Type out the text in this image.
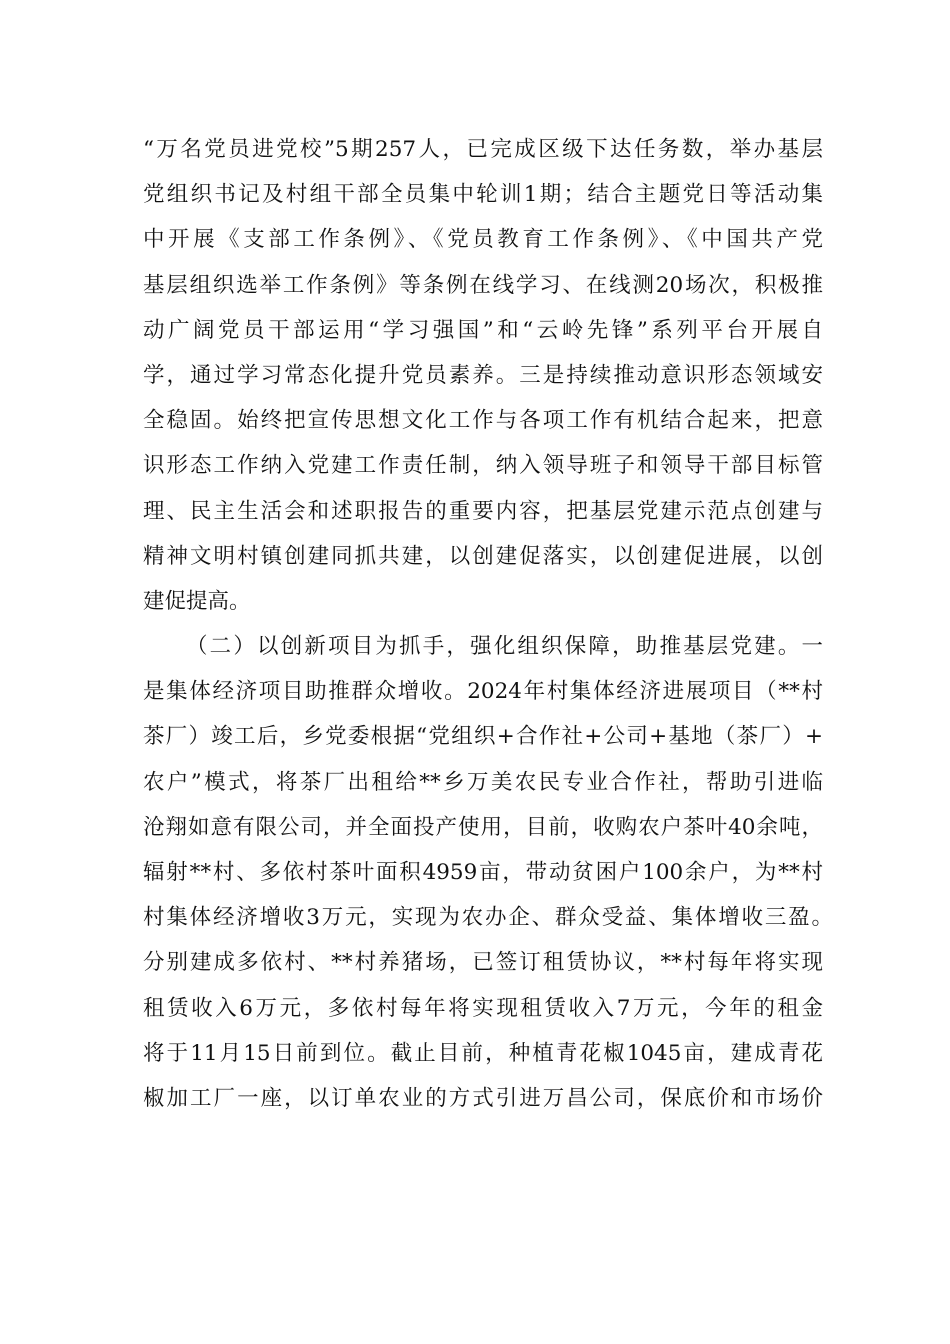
“万名党员进党校”5期257人，已完成区级下达任务数，举办基层
党组织书记及村组干部全员集中轮训1期；结合主题党日等活动集
中开展《支部工作条例》、《党员教育工作条例》、《中国共产党
基层组织选举工作条例》等条例在线学习、在线测20场次，积极推
动广阔党员干部运用“学习强国”和“云岭先锋”系列平台开展自
学，通过学习常态化提升党员素养。三是持续推动意识形态领域安
全稳固。始终把宣传思想文化工作与各项工作有机结合起来，把意
识形态工作纳入党建工作责任制，纳入领导班子和领导干部目标管
理、民主生活会和述职报告的重要内容，把基层党建示范点创建与
精神文明村镇创建同抓共建，以创建促落实，以创建促进展，以创
建促提高。
（二）以创新项目为抓手，强化组织保障，助推基层党建。一
是集体经济项目助推群众增收。2024年村集体经济进展项目（**村
茶厂）竣工后，乡党委根据“党组织+合作社+公司+基地（茶厂）+
农户”模式，将茶厂出租给**乡万美农民专业合作社，帮助引进临
沧翔如意有限公司，并全面投产使用，目前，收购农户茶叶40余吨，
辐射**村、多依村茶叶面积4959亩，带动贫困户100余户，为**村
村集体经济增收3万元，实现为农办企、群众受益、集体增收三盈。
分别建成多依村、**村养猪场，已签订租赁协议，**村每年将实现
租赁收入6万元，多依村每年将实现租赁收入7万元，今年的租金
将于11月15日前到位。截止目前，种植青花椒1045亩，建成青花
椒加工厂一座，以订单农业的方式引进万昌公司，保底价和市场价
